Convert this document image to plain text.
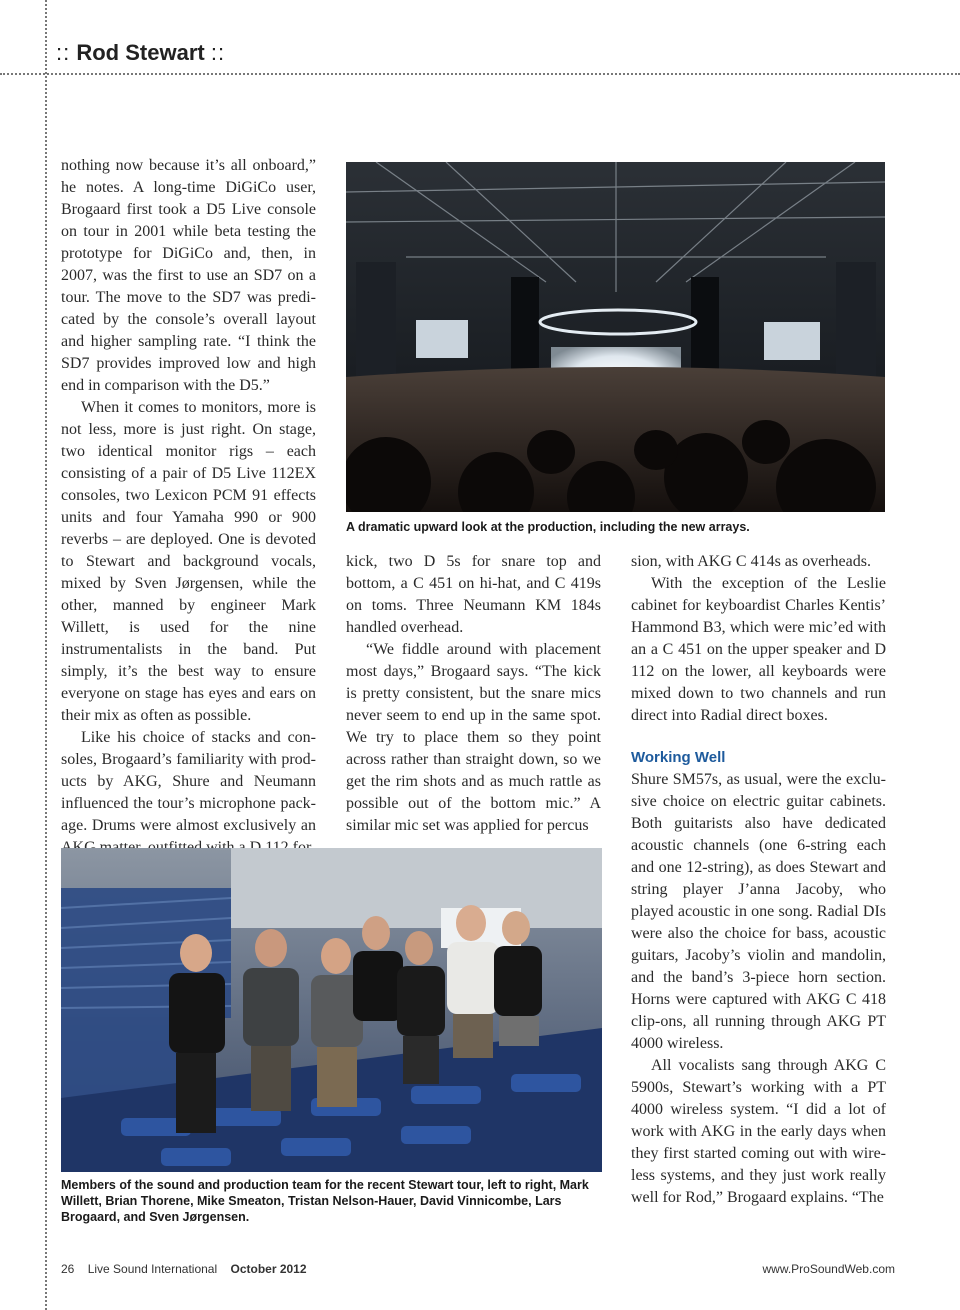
:: Rod Stewart ::

nothing now because it’s all onboard,” he notes. A long-time DiGiCo user, Brogaard first took a D5 Live console on tour in 2001 while beta testing the prototype for DiGiCo and, then, in 2007, was the first to use an SD7 on a tour. The move to the SD7 was predicated by the console’s overall layout and higher sampling rate. “I think the SD7 provides improved low and high end in comparison with the D5.”

When it comes to monitors, more is not less, more is just right. On stage, two identical monitor rigs – each consisting of a pair of D5 Live 112EX consoles, two Lexicon PCM 91 effects units and four Yamaha 990 or 900 reverbs – are deployed. One is devoted to Stewart and background vocals, mixed by Sven Jørgensen, while the other, manned by engineer Mark Willett, is used for the nine instrumentalists in the band. Put simply, it’s the best way to ensure everyone on stage has eyes and ears on their mix as often as possible.

Like his choice of stacks and consoles, Brogaard’s familiarity with products by AKG, Shure and Neumann influenced the tour’s microphone package. Drums were almost exclusively an

A dramatic upward look at the production, including the new arrays.

kick, two D 5s for snare top and bottom, a C 451 on hi-hat, and C 419s on toms. Three Neumann KM 184s handled overhead.

“We fiddle around with placement most days,” Brogaard says. “The kick is pretty consistent, but the snare mics never seem to end up in the same spot. We try to place them so they point across rather than straight down, so we get the rim shots and as much rattle as possible out of the bottom mic.” A similar mic set was applied for percus

sion, with AKG C 414s as overheads.

With the exception of the Leslie cabinet for keyboardist Charles Kentis’ Hammond B3, which were mic’ed with an a C 451 on the upper speaker and D 112 on the lower, all keyboards were mixed down to two channels and run direct into Radial direct boxes.

Working Well

Shure SM57s, as usual, were the exclusive choice on electric guitar cabinets. Both guitarists also have dedicated acoustic channels (one 6-string each and one 12-string), as does Stewart and string player J’anna Jacoby, who played acoustic in one song. Radial DIs were also the choice for bass, acoustic guitars, Jacoby’s violin and mandolin, and the band’s 3-piece horn section. Horns were captured with AKG C 418 clip-ons, all running through AKG PT 4000 wireless.

All vocalists sang through AKG C 5900s, Stewart’s working with a PT 4000 wireless system. “I did a lot of work with AKG in the early days when they first started coming out with wireless systems, and they just work really well for Rod,” Brogaard explains. “The

Members of the sound and production team for the recent Stewart tour, left to right, Mark Willett, Brian Thorene, Mike Smeaton, Tristan Nelson-Hauer, David Vinnicombe, Lars Brogaard, and Sven Jørgensen.
26 Live Sound International October 2012	www.ProSoundWeb.com
